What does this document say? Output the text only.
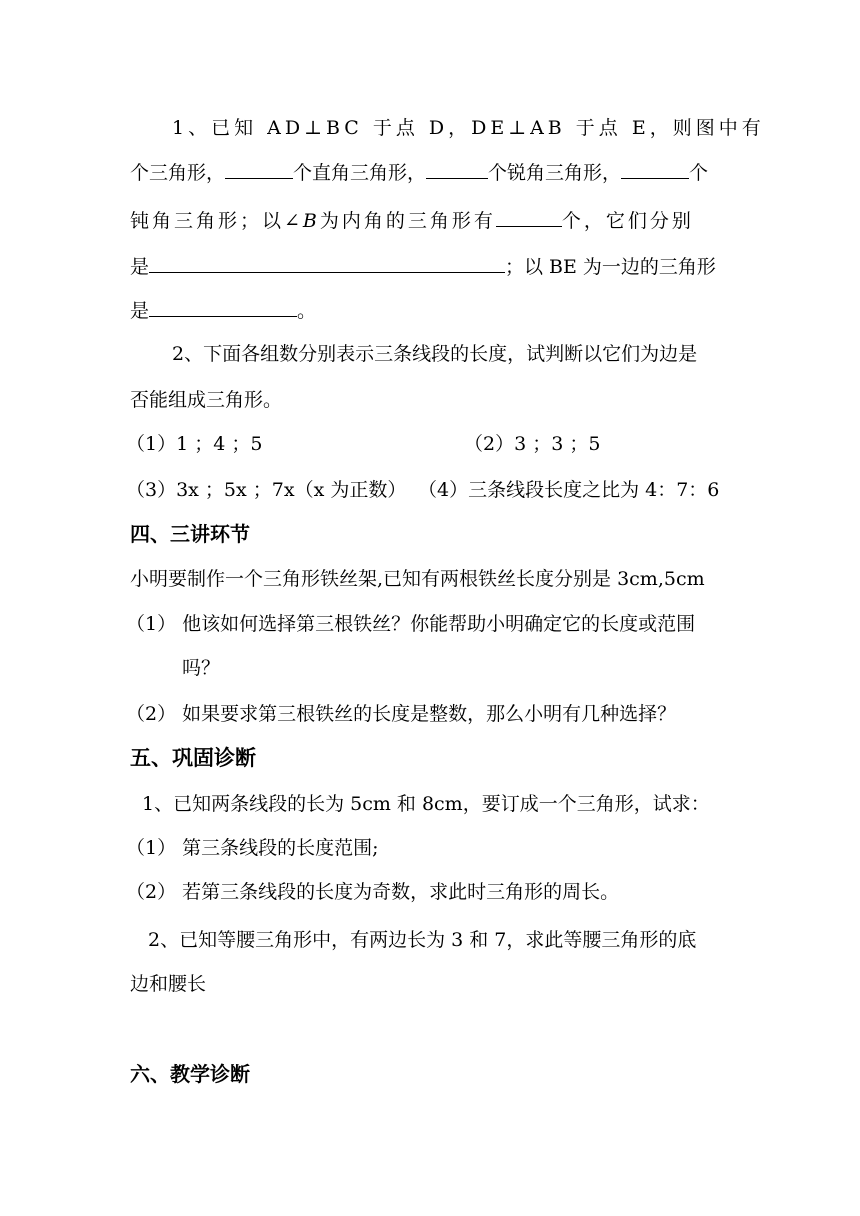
1、已知 AD⊥BC 于点 D，DE⊥AB 于点 E，则图中有
个三角形，	个直角三角形，	个锐角三角形，	个
钝角三角形；以∠B为内角的三角形有	个，它们分别
是	；以 BE 为一边的三角形
是	。
2、下面各组数分别表示三条线段的长度，试判断以它们为边是
否能组成三角形。
（1）1 ；4 ；5	（2）3 ；3 ；5
（3）3x ；5x ；7x（x 为正数） （4）三条线段长度之比为 4：7：6
四、三讲环节
小明要制作一个三角形铁丝架,已知有两根铁丝长度分别是 3cm,5cm
（1） 他该如何选择第三根铁丝？你能帮助小明确定它的长度或范围
吗？
（2） 如果要求第三根铁丝的长度是整数，那么小明有几种选择？
五、巩固诊断
1、已知两条线段的长为 5cm 和 8cm，要订成一个三角形，试求：
（1） 第三条线段的长度范围;
（2） 若第三条线段的长度为奇数，求此时三角形的周长。
2、已知等腰三角形中，有两边长为 3 和 7，求此等腰三角形的底
边和腰长
六、教学诊断
